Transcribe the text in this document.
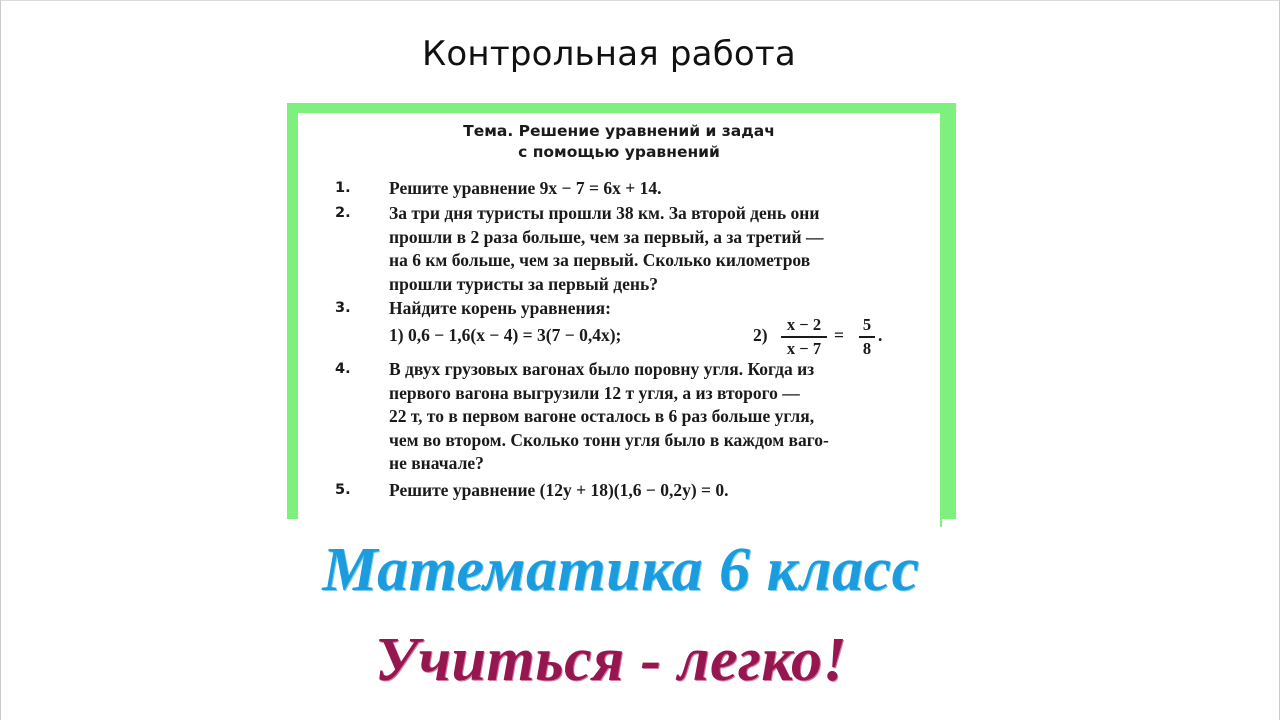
Контрольная работа
Тема. Решение уравнений и задач
с помощью уравнений
1. Решите уравнение 9x − 7 = 6x + 14.
2. За три дня туристы прошли 38 км. За второй день они
прошли в 2 раза больше, чем за первый, а за третий —
на 6 км больше, чем за первый. Сколько километров
прошли туристы за первый день?
3. Найдите корень уравнения:
1) 0,6 − 1,6(x − 4) = 3(7 − 0,4x);	2)
x − 2
x − 7
=
5
8
.
4. В двух грузовых вагонах было поровну угля. Когда из
первого вагона выгрузили 12 т угля, а из второго —
22 т, то в первом вагоне осталось в 6 раз больше угля,
чем во втором. Сколько тонн угля было в каждом ваго-
не вначале?
5. Решите уравнение (12y + 18)(1,6 − 0,2y) = 0.
Математика 6 класс
Учиться - легко!
